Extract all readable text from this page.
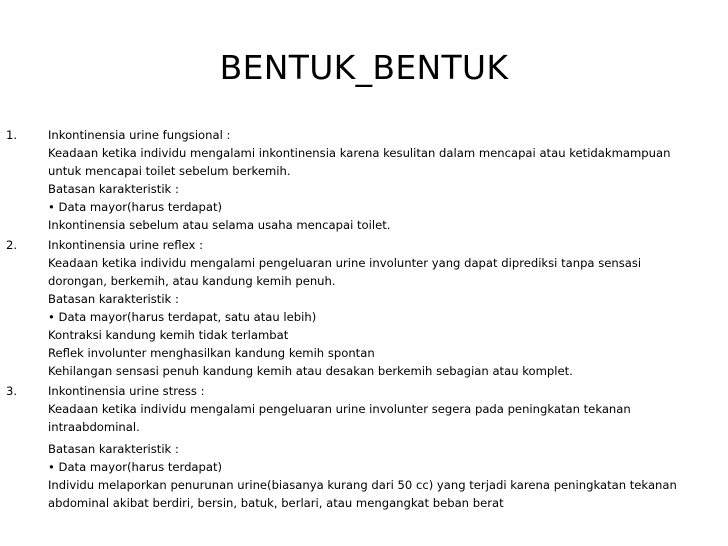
BENTUK_BENTUK
1.	Inkontinensia urine fungsional :
Keadaan ketika individu mengalami inkontinensia karena kesulitan dalam mencapai atau ketidakmampuan
untuk mencapai toilet sebelum berkemih.
Batasan karakteristik :
• Data mayor(harus terdapat)
Inkontinensia sebelum atau selama usaha mencapai toilet.
2.	Inkontinensia urine reflex :
Keadaan ketika individu mengalami pengeluaran urine involunter yang dapat diprediksi tanpa sensasi
dorongan, berkemih, atau kandung kemih penuh.
Batasan karakteristik :
• Data mayor(harus terdapat, satu atau lebih)
Kontraksi kandung kemih tidak terlambat
Reflek involunter menghasilkan kandung kemih spontan
Kehilangan sensasi penuh kandung kemih atau desakan berkemih sebagian atau komplet.
3.	Inkontinensia urine stress :
Keadaan ketika individu mengalami pengeluaran urine involunter segera pada peningkatan tekanan
intraabdominal.
Batasan karakteristik :
• Data mayor(harus terdapat)
Individu melaporkan penurunan urine(biasanya kurang dari 50 cc) yang terjadi karena peningkatan tekanan
abdominal akibat berdiri, bersin, batuk, berlari, atau mengangkat beban berat
